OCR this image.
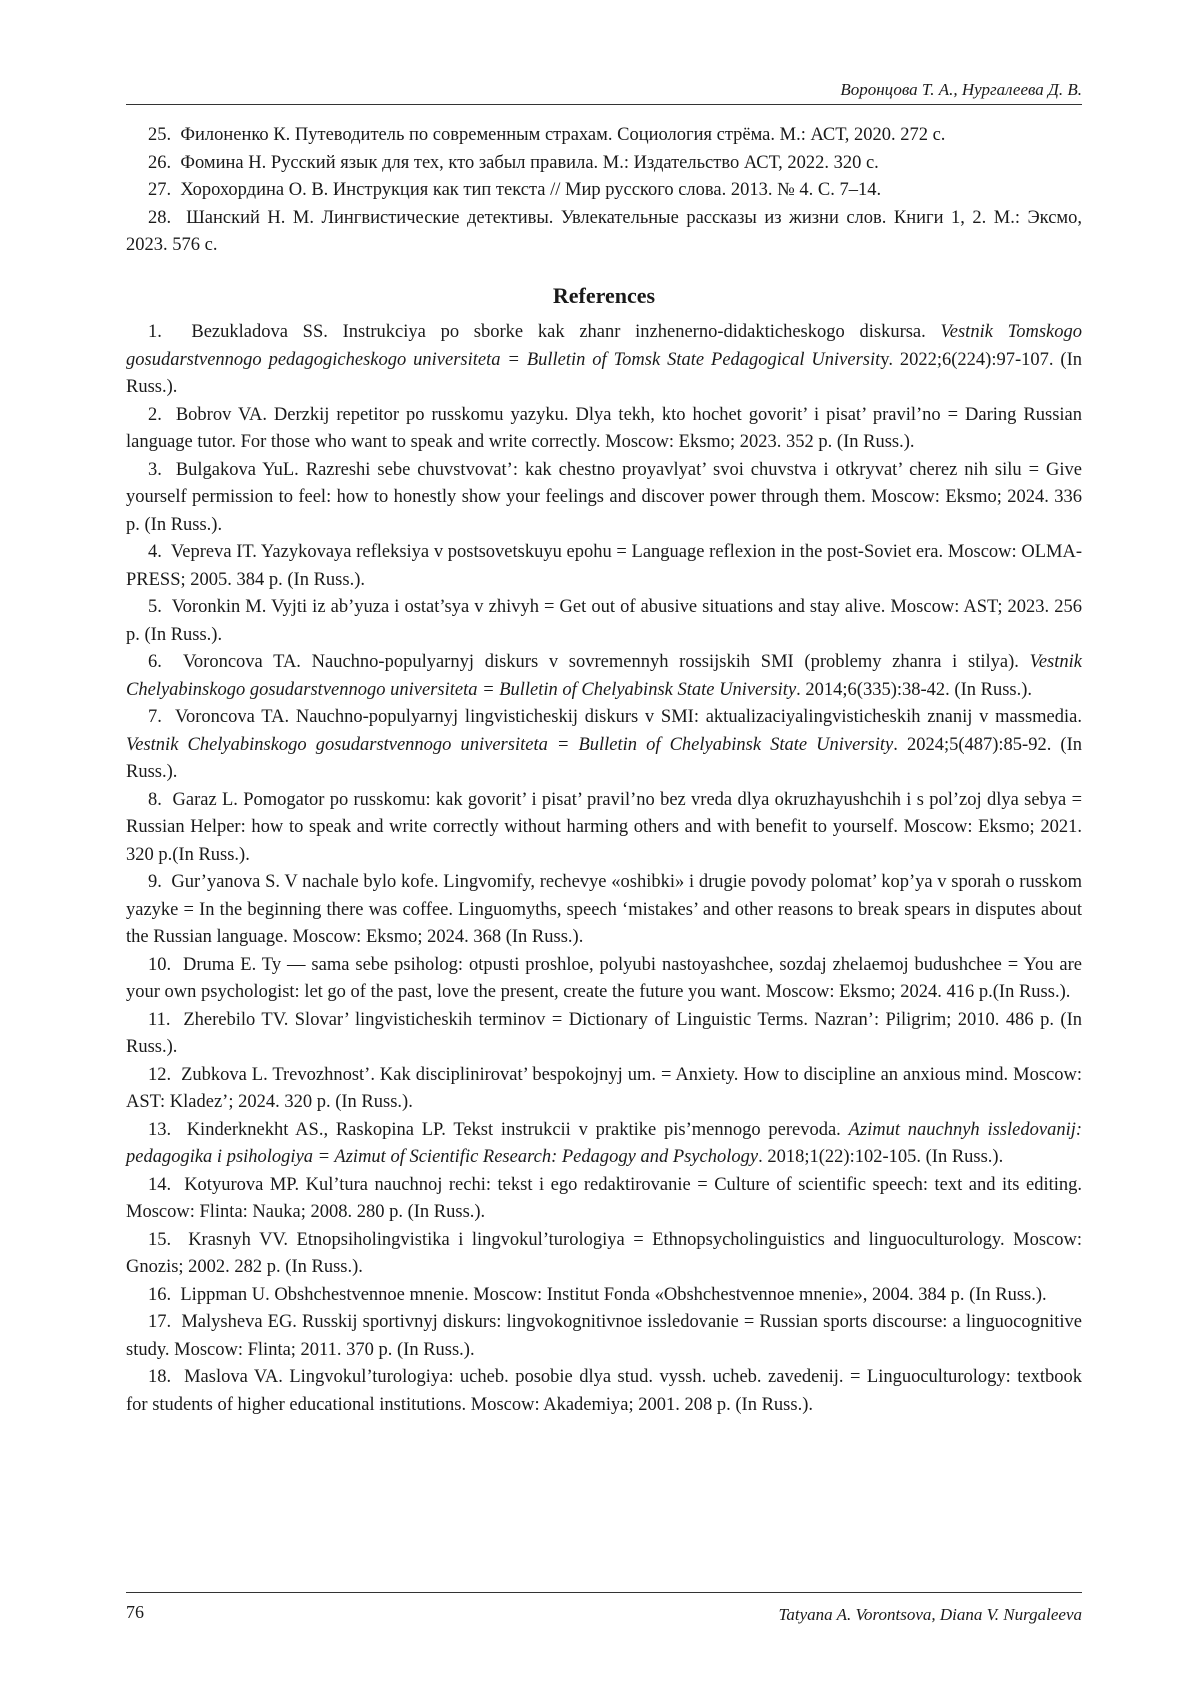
Воронцова Т. А., Нургалеева Д. В.

25. Филоненко К. Путеводитель по современным страхам. Социология стрёма. М.: АСТ, 2020. 272 с.

26. Фомина Н. Русский язык для тех, кто забыл правила. М.: Издательство АСТ, 2022. 320 с.

27. Хорохордина О. В. Инструкция как тип текста // Мир русского слова. 2013. № 4. С. 7–14.

28. Шанский Н. М. Лингвистические детективы. Увлекательные рассказы из жизни слов. Книги 1, 2. М.: Эксмо, 2023. 576 с.

References

1. Bezukladova SS. Instrukciya po sborke kak zhanr inzhenerno-didakticheskogo diskursa. Vestnik Tomskogo gosudarstvennogo pedagogicheskogo universiteta = Bulletin of Tomsk State Pedagogical University. 2022;6(224):97-107. (In Russ.).

2. Bobrov VA. Derzkij repetitor po russkomu yazyku. Dlya tekh, kto hochet govorit’ i pisat’ pravil’no = Daring Russian language tutor. For those who want to speak and write correctly. Moscow: Eksmo; 2023. 352 p. (In Russ.).

3. Bulgakova YuL. Razreshi sebe chuvstvovat’: kak chestno proyavlyat’ svoi chuvstva i otkryvat’ cherez nih silu = Give yourself permission to feel: how to honestly show your feelings and discover power through them. Moscow: Eksmo; 2024. 336 p. (In Russ.).

4. Vepreva IT. Yazykovaya refleksiya v postsovetskuyu epohu = Language reflexion in the post-Soviet era. Moscow: OLMA-PRESS; 2005. 384 p. (In Russ.).

5. Voronkin M. Vyjti iz ab’yuza i ostat’sya v zhivyh = Get out of abusive situations and stay alive. Moscow: AST; 2023. 256 p. (In Russ.).

6. Voroncova TA. Nauchno-populyarnyj diskurs v sovremennyh rossijskih SMI (problemy zhanra i stilya). Vestnik Chelyabinskogo gosudarstvennogo universiteta = Bulletin of Chelyabinsk State University. 2014;6(335):38-42. (In Russ.).

7. Voroncova TA. Nauchno-populyarnyj lingvisticheskij diskurs v SMI: aktualizaciyalingvisticheskih znanij v massmedia. Vestnik Chelyabinskogo gosudarstvennogo universiteta = Bulletin of Chelyabinsk State University. 2024;5(487):85-92. (In Russ.).

8. Garaz L. Pomogator po russkomu: kak govorit’ i pisat’ pravil’no bez vreda dlya okruzhayushchih i s pol’zoj dlya sebya = Russian Helper: how to speak and write correctly without harming others and with benefit to yourself. Moscow: Eksmo; 2021. 320 p.(In Russ.).

9. Gur’yanova S. V nachale bylo kofe. Lingvomify, rechevye «oshibki» i drugie povody polomat’ kop’ya v sporah o russkom yazyke = In the beginning there was coffee. Linguomyths, speech ‘mistakes’ and other reasons to break spears in disputes about the Russian language. Moscow: Eksmo; 2024. 368 (In Russ.).

10. Druma E. Ty — sama sebe psiholog: otpusti proshloe, polyubi nastoyashchee, sozdaj zhelaemoj budushchee = You are your own psychologist: let go of the past, love the present, create the future you want. Moscow: Eksmo; 2024. 416 p.(In Russ.).

11. Zherebilo TV. Slovar’ lingvisticheskih terminov = Dictionary of Linguistic Terms. Nazran’: Piligrim; 2010. 486 p. (In Russ.).

12. Zubkova L. Trevozhnost’. Kak disciplinirovat’ bespokojnyj um. = Anxiety. How to discipline an anxious mind. Moscow: AST: Kladez’; 2024. 320 p. (In Russ.).

13. Kinderknekht AS., Raskopina LP. Tekst instrukcii v praktike pis’mennogo perevoda. Azimut nauchnyh issledovanij: pedagogika i psihologiya = Azimut of Scientific Research: Pedagogy and Psychology. 2018;1(22):102-105. (In Russ.).

14. Kotyurova MP. Kul’tura nauchnoj rechi: tekst i ego redaktirovanie = Culture of scientific speech: text and its editing. Moscow: Flinta: Nauka; 2008. 280 p. (In Russ.).

15. Krasnyh VV. Etnopsiholingvistika i lingvokul’turologiya = Ethnopsycholinguistics and linguoculturology. Moscow: Gnozis; 2002. 282 p. (In Russ.).

16. Lippman U. Obshchestvennoe mnenie. Moscow: Institut Fonda «Obshchestvennoe mnenie», 2004. 384 p. (In Russ.).

17. Malysheva EG. Russkij sportivnyj diskurs: lingvokognitivnoe issledovanie = Russian sports discourse: a linguocognitive study. Moscow: Flinta; 2011. 370 p. (In Russ.).

18. Maslova VA. Lingvokul’turologiya: ucheb. posobie dlya stud. vyssh. ucheb. zavedenij. = Linguoculturology: textbook for students of higher educational institutions. Moscow: Akademiya; 2001. 208 p. (In Russ.).

76	Tatyana A. Vorontsova, Diana V. Nurgaleeva
